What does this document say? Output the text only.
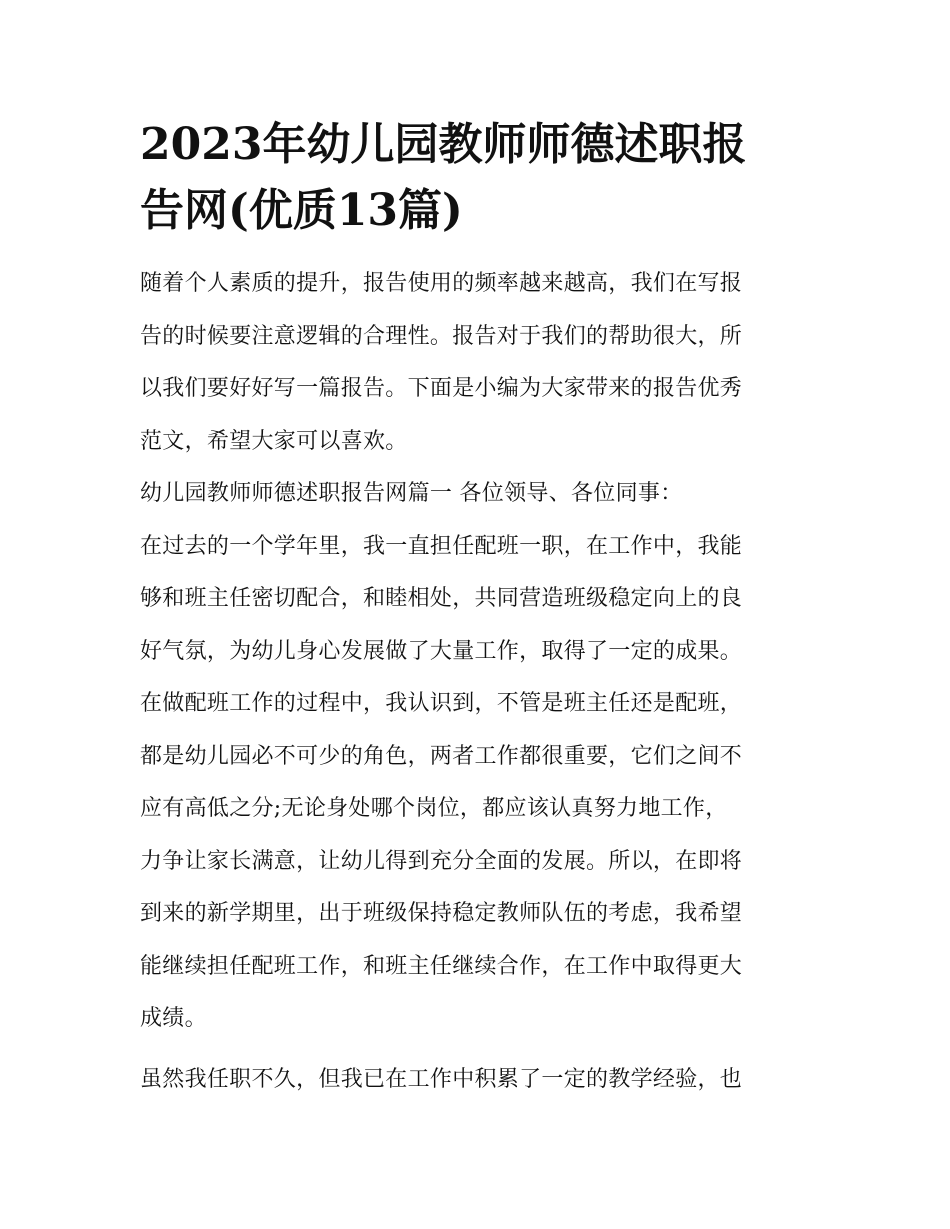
2023年幼儿园教师师德述职报
告网(优质13篇)
随着个人素质的提升，报告使用的频率越来越高，我们在写报
告的时候要注意逻辑的合理性。报告对于我们的帮助很大，所
以我们要好好写一篇报告。下面是小编为大家带来的报告优秀
范文，希望大家可以喜欢。
幼儿园教师师德述职报告网篇一 各位领导、各位同事：
在过去的一个学年里，我一直担任配班一职，在工作中，我能
够和班主任密切配合，和睦相处，共同营造班级稳定向上的良
好气氛，为幼儿身心发展做了大量工作，取得了一定的成果。
在做配班工作的过程中，我认识到，不管是班主任还是配班，
都是幼儿园必不可少的角色，两者工作都很重要，它们之间不
应有高低之分;无论身处哪个岗位，都应该认真努力地工作，
力争让家长满意，让幼儿得到充分全面的发展。所以，在即将
到来的新学期里，出于班级保持稳定教师队伍的考虑，我希望
能继续担任配班工作，和班主任继续合作，在工作中取得更大
成绩。
虽然我任职不久，但我已在工作中积累了一定的教学经验，也
